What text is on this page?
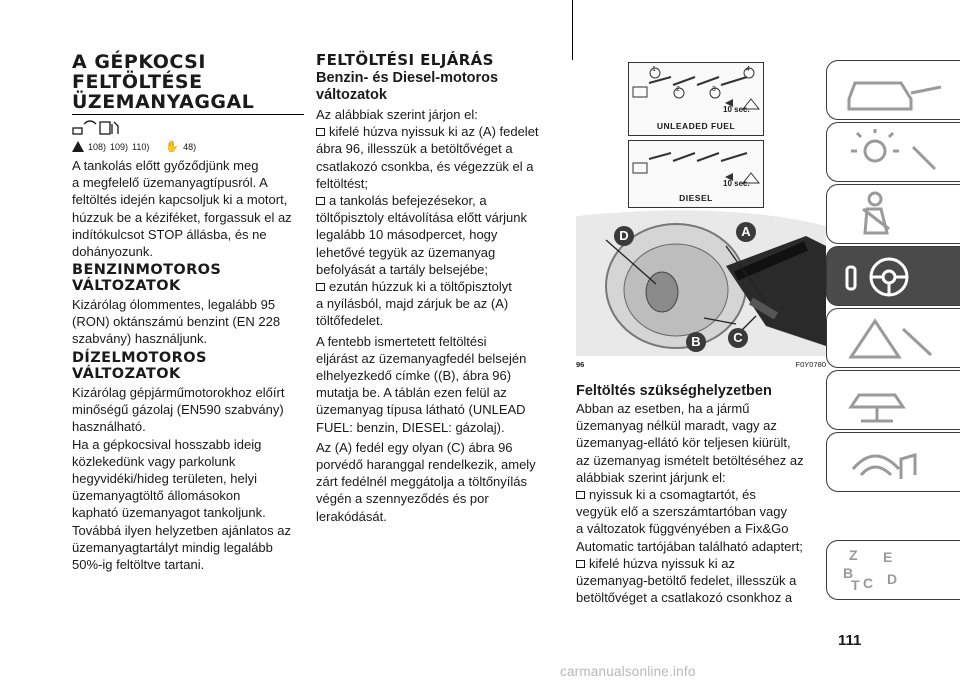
A GÉPKOCSI
FELTÖLTÉSE
ÜZEMANYAGGAL
108) 109) 110) ✋ 48)

A tankolás előtt győződjünk meg

a megfelelő üzemanyagtípusról. A

feltöltés idején kapcsoljuk ki a motort,

húzzuk be a kéziféket, forgassuk el az

indítókulcsot STOP állásba, és ne

dohányozunk.

BENZINMOTOROS
VÁLTOZATOK

Kizárólag ólommentes, legalább 95

(RON) oktánszámú benzint (EN 228

szabvány) használjunk.

DÍZELMOTOROS
VÁLTOZATOK

Kizárólag gépjárműmotorokhoz előírt

minőségű gázolaj (EN590 szabvány)

használható.

Ha a gépkocsival hosszabb ideig

közlekedünk vagy parkolunk

hegyvidéki/hideg területen, helyi

üzemanyagtöltő állomásokon

kapható üzemanyagot tankoljunk.

Továbbá ilyen helyzetben ajánlatos az

üzemanyagtartályt mindig legalább

50%-ig feltöltve tartani.

FELTÖLTÉSI ELJÁRÁS
Benzin- és Diesel-motoros
változatok

Az alábbiak szerint járjon el:

kifelé húzva nyissuk ki az (A) fedelet

ábra 96, illesszük a betöltővéget a

csatlakozó csonkba, és végezzük el a

feltöltést;

a tankolás befejezésekor, a

töltőpisztoly eltávolítása előtt várjunk

legalább 10 másodpercet, hogy

lehetővé tegyük az üzemanyag

befolyását a tartály belsejébe;

ezután húzzuk ki a töltőpisztolyt

a nyílásból, majd zárjuk be az (A)

töltőfedelet.

A fentebb ismertetett feltöltési

eljárást az üzemanyagfedél belsején

elhelyezkedő címke ((B), ábra 96)

mutatja be. A táblán ezen felül az

üzemanyag típusa látható (UNLEAD

FUEL: benzin, DIESEL: gázolaj).

Az (A) fedél egy olyan (C) ábra 96

porvédő haranggal rendelkezik, amely

zárt fedélnél meggátolja a töltőnyílás

végén a szennyeződés és por

lerakódását.

1
2	3
4
10 sec.
UNLEADED FUEL
10 sec.
DIESEL
D	A
B	C
96	F0Y0780
Feltöltés szükséghelyzetben

Abban az esetben, ha a jármű

üzemanyag nélkül maradt, vagy az

üzemanyag-ellátó kör teljesen kiürült,

az üzemanyag ismételt betöltéséhez az

alábbiak szerint járjunk el:

nyissuk ki a csomagtartót, és

vegyük elő a szerszámtartóban vagy

a változatok függvényében a Fix&Go

Automatic tartójában található adaptert;

kifelé húzva nyissuk ki az

üzemanyag-betöltő fedelet, illesszük a

betöltővéget a csatlakozó csonkhoz a

Z E
B
C
T D
111
carmanualsonline.info
